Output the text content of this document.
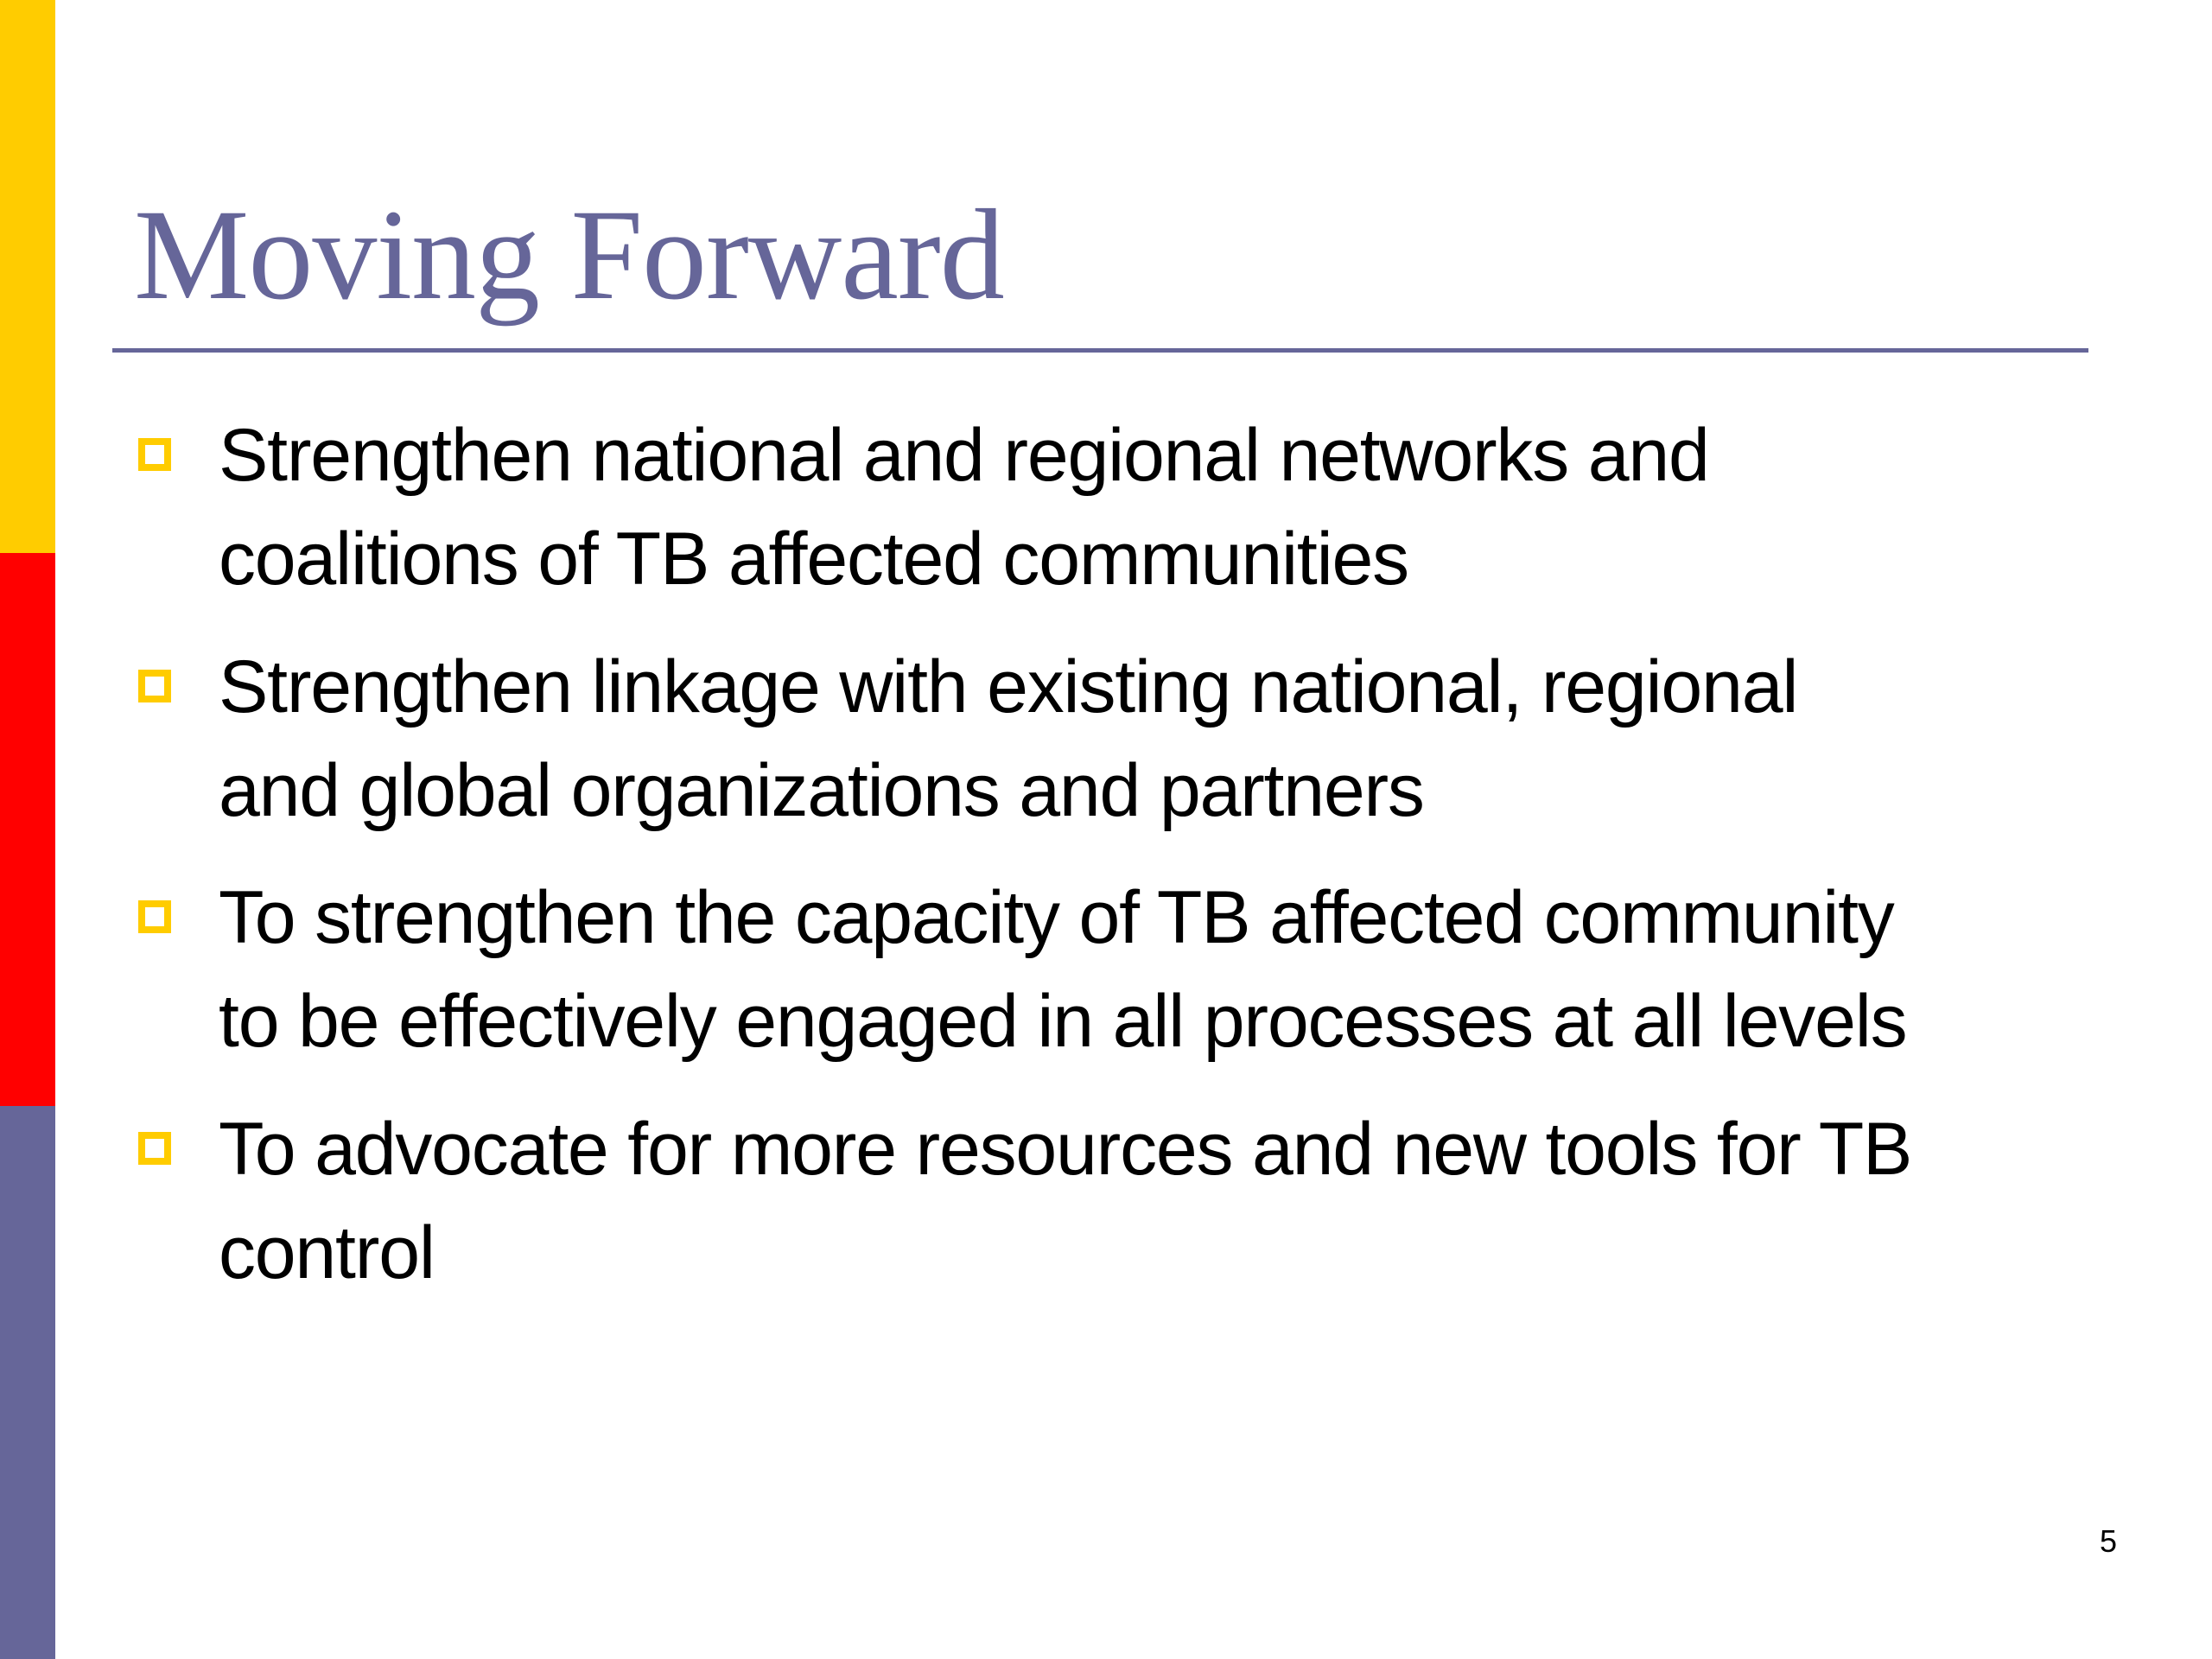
Moving Forward
Strengthen national and regional networks and
coalitions of TB affected communities
Strengthen linkage with existing national, regional
and global organizations and partners
To strengthen the capacity of TB affected community
to be effectively engaged in all processes at all levels
To advocate for more resources and new tools for TB
control
5
